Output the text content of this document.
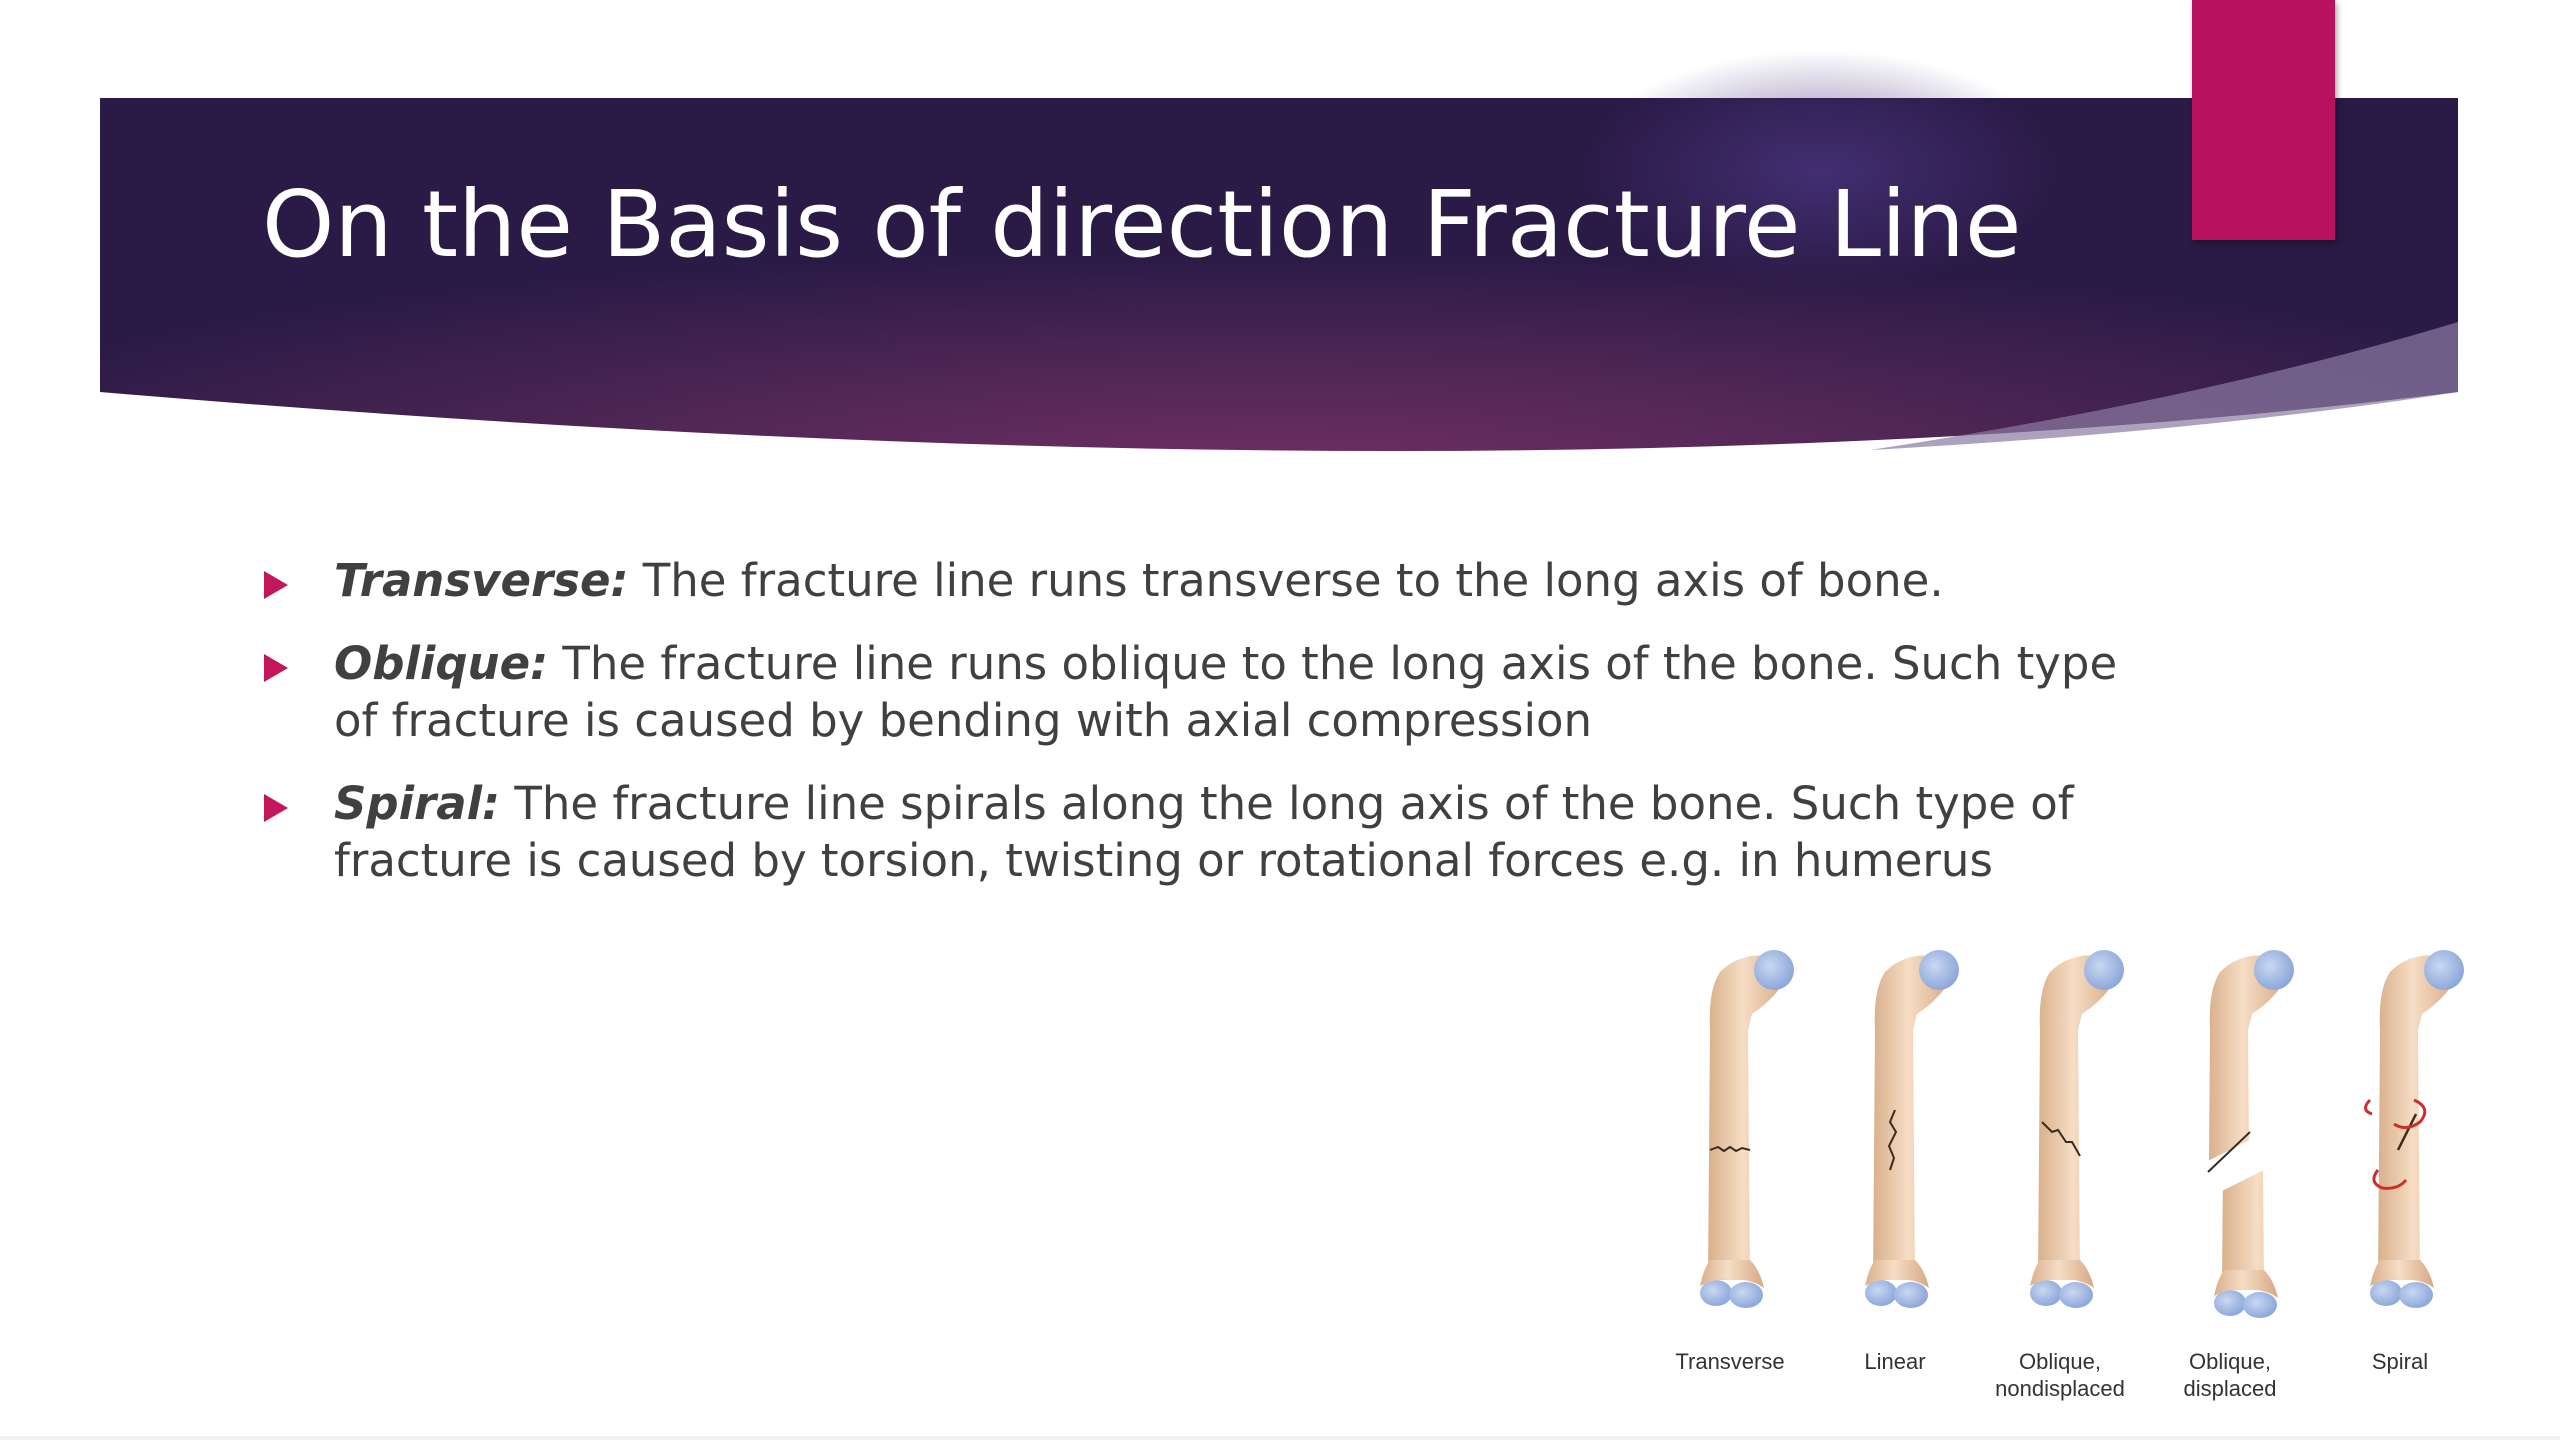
On the Basis of direction Fracture Line
Transverse: The fracture line runs transverse to the long axis of bone.
Oblique: The fracture line runs oblique to the long axis of the bone. Such type of fracture is caused by bending with axial compression
Spiral: The fracture line spirals along the long axis of the bone. Such type of fracture is caused by torsion, twisting or rotational forces e.g. in humerus
Transverse	Linear	Oblique,
nondisplaced
Oblique,
displaced
Spiral
